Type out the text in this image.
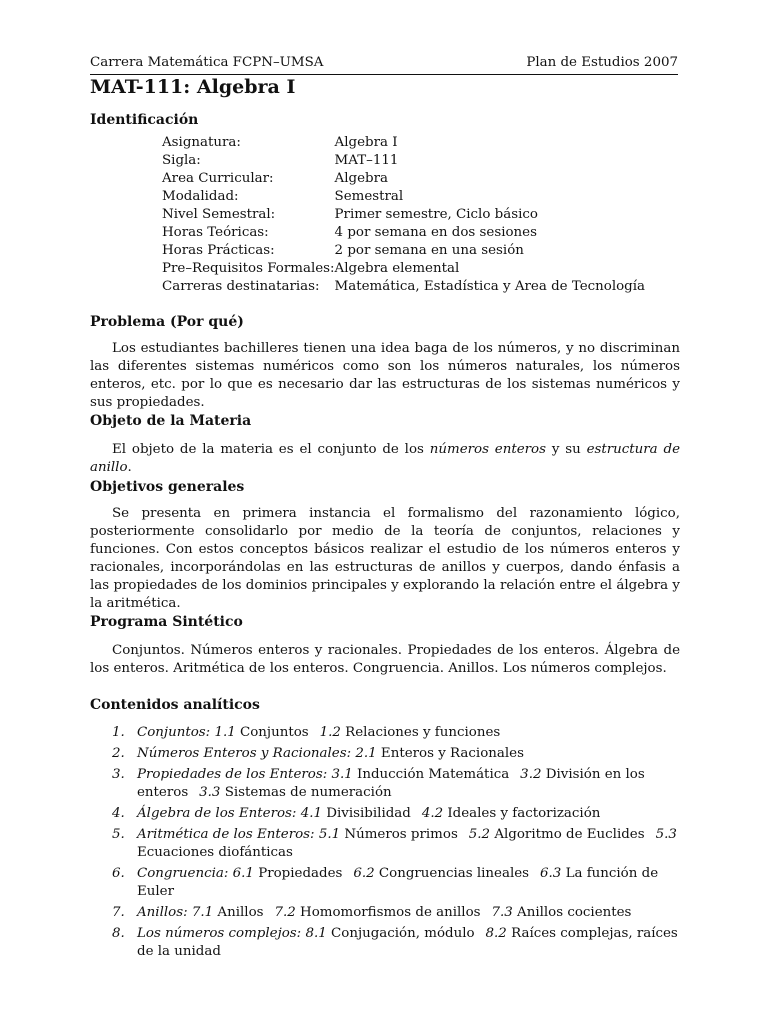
Carrera Matemática FCPN–UMSA	Plan de Estudios 2007
MAT-111: Algebra I
Identificación
Asignatura:	Algebra I
Sigla:	MAT–111
Area Curricular:	Algebra
Modalidad:	Semestral
Nivel Semestral:	Primer semestre, Ciclo básico
Horas Teóricas:	4 por semana en dos sesiones
Horas Prácticas:	2 por semana en una sesión
Pre–Requisitos Formales:	Algebra elemental
Carreras destinatarias:	Matemática, Estadística y Area de Tecnología
Problema (Por qué)

Los estudiantes bachilleres tienen una idea baga de los números, y no discriminan las diferentes sistemas numéricos como son los números naturales, los números enteros, etc. por lo que es necesario dar las estructuras de los sistemas numéricos y sus propiedades.

Objeto de la Materia

El objeto de la materia es el conjunto de los números enteros y su estructura de anillo.

Objetivos generales

Se presenta en primera instancia el formalismo del razonamiento lógico, posteriormente consolidarlo por medio de la teoría de conjuntos, relaciones y funciones. Con estos conceptos básicos realizar el estudio de los números enteros y racionales, incorporándolas en las estructuras de anillos y cuerpos, dando énfasis a las propiedades de los dominios principales y explorando la relación entre el álgebra y la aritmética.

Programa Sintético

Conjuntos. Números enteros y racionales. Propiedades de los enteros. Álgebra de los enteros. Aritmética de los enteros. Congruencia. Anillos. Los números complejos.

Contenidos analíticos
1. Conjuntos: 1.1 Conjuntos  1.2 Relaciones y funciones
2. Números Enteros y Racionales: 2.1 Enteros y Racionales
3. Propiedades de los Enteros: 3.1 Inducción Matemática  3.2 División en los enteros  3.3 Sistemas de numeración
4. Álgebra de los Enteros: 4.1 Divisibilidad  4.2 Ideales y factorización
5. Aritmética de los Enteros: 5.1 Números primos  5.2 Algoritmo de Euclides  5.3 Ecuaciones diofánticas
6. Congruencia: 6.1 Propiedades  6.2 Congruencias lineales  6.3 La función de Euler
7. Anillos: 7.1 Anillos  7.2 Homomorfismos de anillos  7.3 Anillos cocientes
8. Los números complejos: 8.1 Conjugación, módulo  8.2 Raíces complejas, raíces de la unidad
